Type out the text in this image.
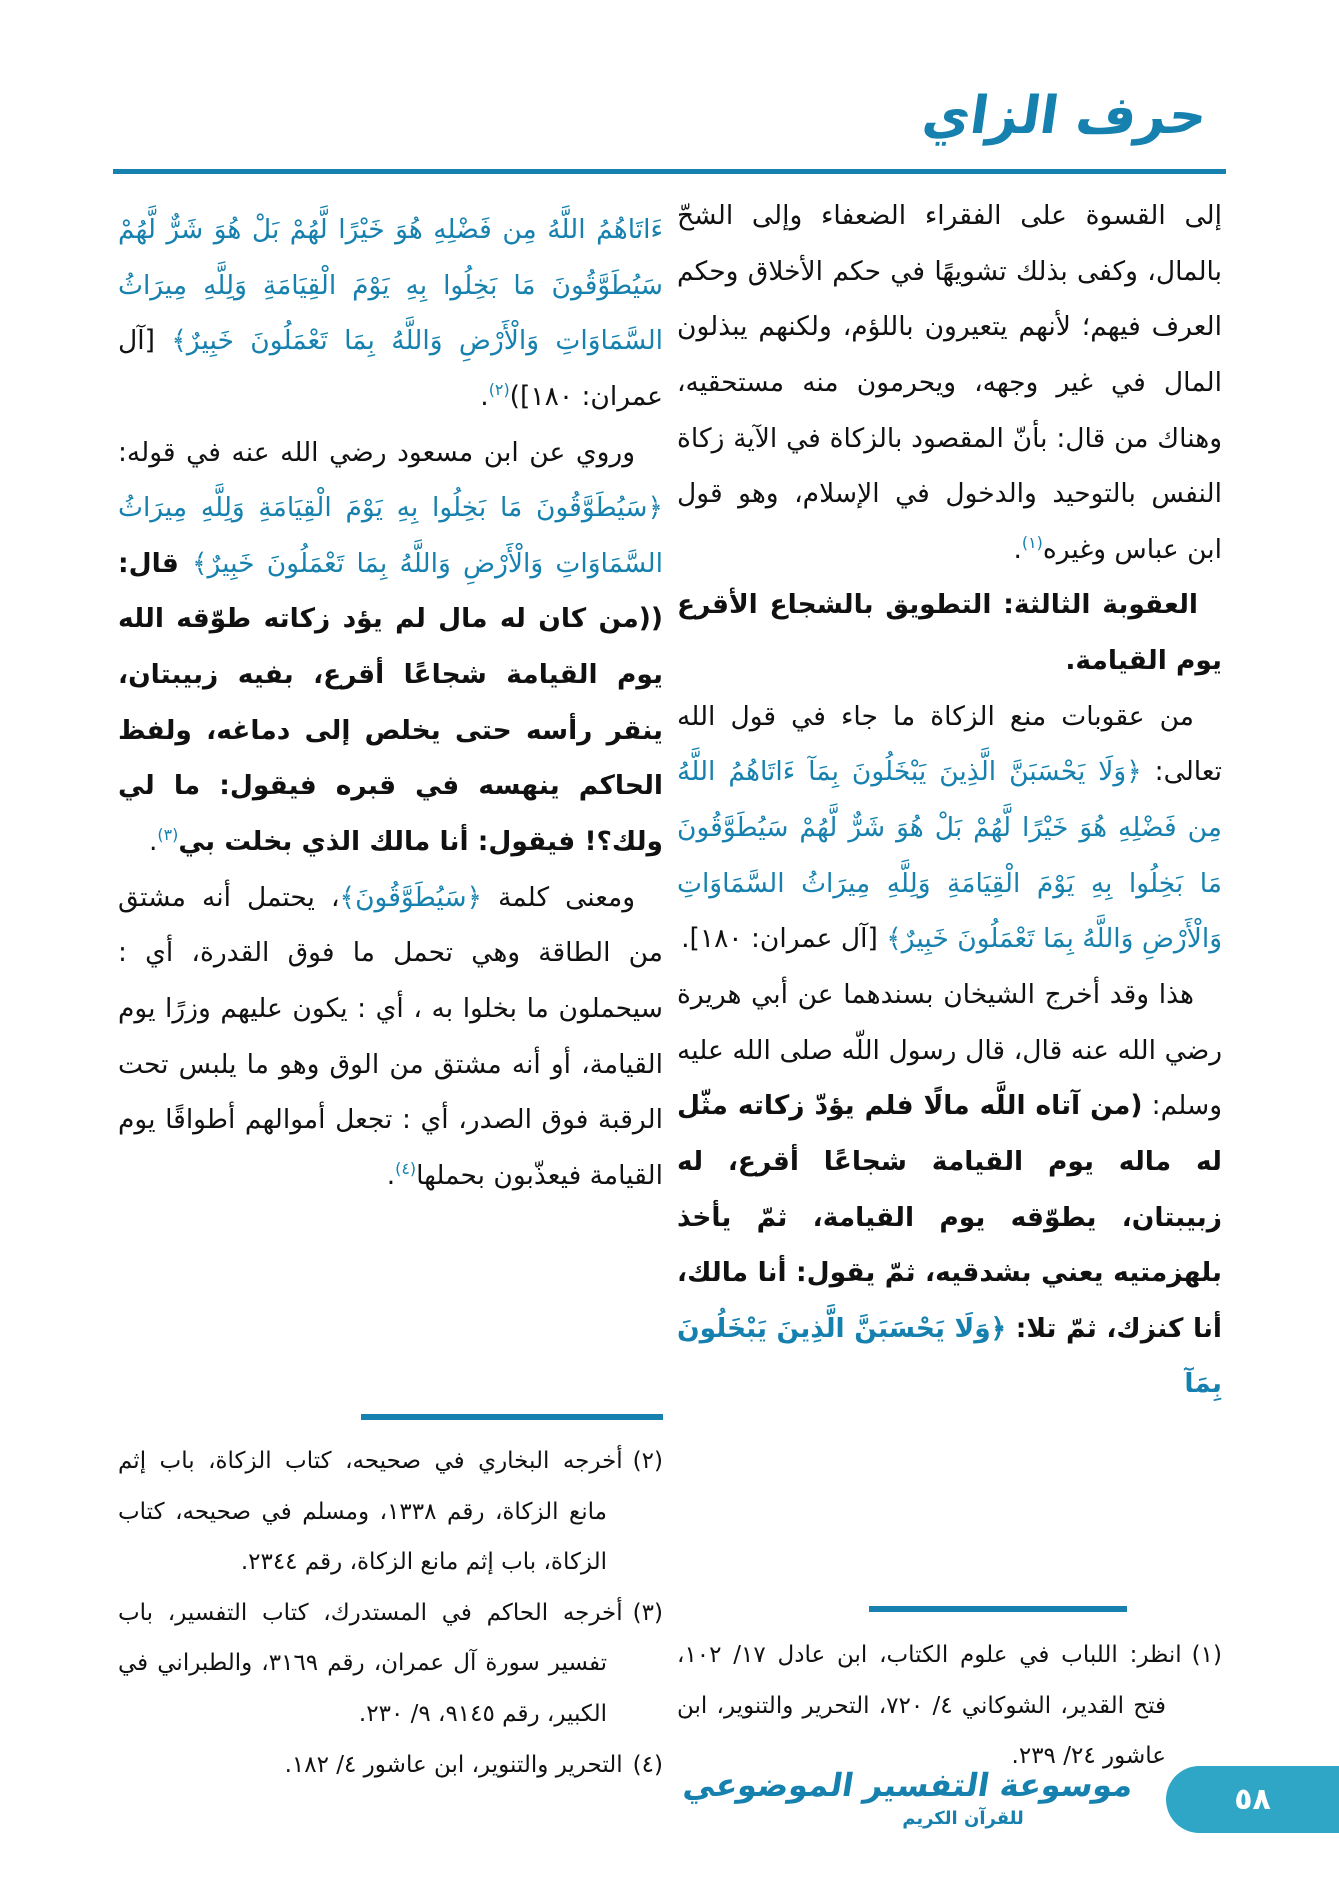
حرف الزاي

إلى القسوة على الفقراء الضعفاء وإلى الشحّ بالمال، وكفى بذلك تشويهًا في حكم الأخلاق وحكم العرف فيهم؛ لأنهم يتعيرون باللؤم، ولكنهم يبذلون المال في غير وجهه، ويحرمون منه مستحقيه، وهناك من قال: بأنّ المقصود بالزكاة في الآية زكاة النفس بالتوحيد والدخول في الإسلام، وهو قول ابن عباس وغيره$^{(١)}$.

العقوبة الثالثة: التطويق بالشجاع الأقرع يوم القيامة.

من عقوبات منع الزكاة ما جاء في قول الله تعالى: ﴿وَلَا يَحْسَبَنَّ الَّذِينَ يَبْخَلُونَ بِمَآ ءَاتَاهُمُ اللَّهُ مِن فَضْلِهِ هُوَ خَيْرًا لَّهُمْ بَلْ هُوَ شَرٌّ لَّهُمْ سَيُطَوَّقُونَ مَا بَخِلُوا بِهِ يَوْمَ الْقِيَامَةِ وَلِلَّهِ مِيرَاثُ السَّمَاوَاتِ وَالْأَرْضِ وَاللَّهُ بِمَا تَعْمَلُونَ خَبِيرٌ﴾ [آل عمران: ١٨٠].

هذا وقد أخرج الشيخان بسندهما عن أبي هريرة رضي الله عنه قال، قال رسول اللّه صلى الله عليه وسلم: (من آتاه اللَّه مالًا فلم يؤدّ زكاته مثّل له ماله يوم القيامة شجاعًا أقرع، له زبيبتان، يطوّقه يوم القيامة، ثمّ يأخذ بلهزمتيه يعني بشدقيه، ثمّ يقول: أنا مالك، أنا كنزك، ثمّ تلا: ﴿وَلَا يَحْسَبَنَّ الَّذِينَ يَبْخَلُونَ بِمَآ

(١)انظر: اللباب في علوم الكتاب، ابن عادل ١٧/ ١٠٢، فتح القدير، الشوكاني ٤/ ٧٢٠، التحرير والتنوير، ابن عاشور ٢٤/ ٢٣٩.

ءَاتَاهُمُ اللَّهُ مِن فَضْلِهِ هُوَ خَيْرًا لَّهُمْ بَلْ هُوَ شَرٌّ لَّهُمْ سَيُطَوَّقُونَ مَا بَخِلُوا بِهِ يَوْمَ الْقِيَامَةِ وَلِلَّهِ مِيرَاثُ السَّمَاوَاتِ وَالْأَرْضِ وَاللَّهُ بِمَا تَعْمَلُونَ خَبِيرٌ﴾ [آل عمران: ١٨٠])$^{(٢)}$.

وروي عن ابن مسعود رضي الله عنه في قوله: ﴿سَيُطَوَّقُونَ مَا بَخِلُوا بِهِ يَوْمَ الْقِيَامَةِ وَلِلَّهِ مِيرَاثُ السَّمَاوَاتِ وَالْأَرْضِ وَاللَّهُ بِمَا تَعْمَلُونَ خَبِيرٌ﴾ قال: ((من كان له مال لم يؤد زكاته طوّقه الله يوم القيامة شجاعًا أقرع، بفيه زبيبتان، ينقر رأسه حتى يخلص إلى دماغه، ولفظ الحاكم ينهسه في قبره فيقول: ما لي ولك؟! فيقول: أنا مالك الذي بخلت بي$^{(٣)}$.

ومعنى كلمة ﴿سَيُطَوَّقُونَ﴾، يحتمل أنه مشتق من الطاقة وهي تحمل ما فوق القدرة، أي : سيحملون ما بخلوا به ، أي : يكون عليهم وزرًا يوم القيامة، أو أنه مشتق من الوق وهو ما يلبس تحت الرقبة فوق الصدر، أي : تجعل أموالهم أطواقًا يوم القيامة فيعذّبون بحملها$^{(٤)}$.

(٢)أخرجه البخاري في صحيحه، كتاب الزكاة، باب إثم مانع الزكاة، رقم ١٣٣٨، ومسلم في صحيحه، كتاب الزكاة، باب إثم مانع الزكاة، رقم ٢٣٤٤.

(٣)أخرجه الحاكم في المستدرك، كتاب التفسير، باب تفسير سورة آل عمران، رقم ٣١٦٩، والطبراني في الكبير، رقم ٩١٤٥، ٩/ ٢٣٠.

(٤)التحرير والتنوير، ابن عاشور ٤/ ١٨٢.

موسوعة التفسير الموضوعي
للقرآن الكريم
٥٨
